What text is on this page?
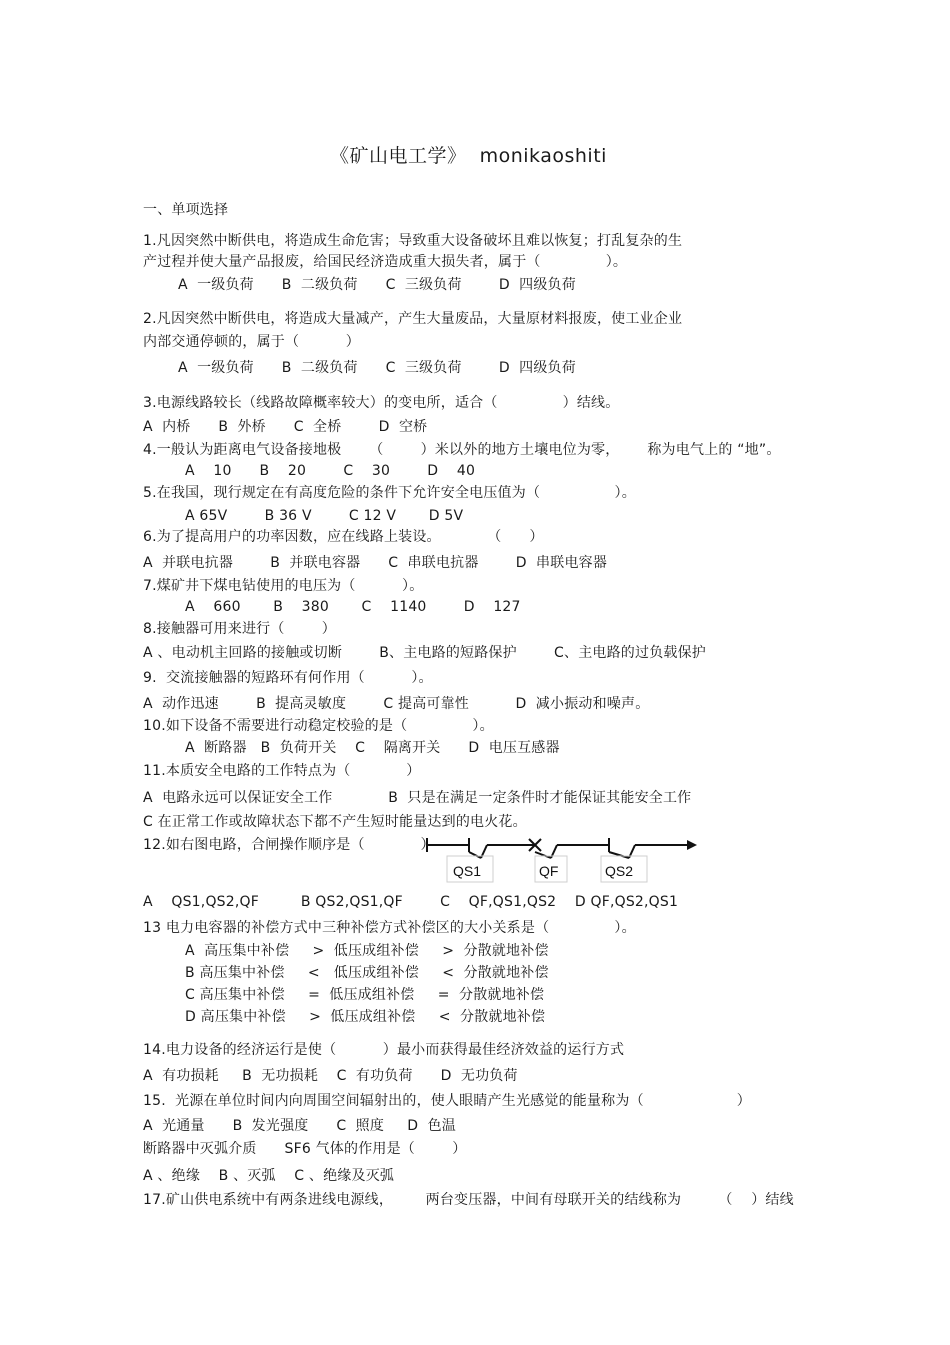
《矿山电工学》  monikaoshiti
一、单项选择
1.凡因突然中断供电，将造成生命危害；导致重大设备破坏且难以恢复；打乱复杂的生
产过程并使大量产品报废，给国民经济造成重大损失者，属于（              ）。
A  一级负荷      B  二级负荷      C  三级负荷        D  四级负荷
2.凡因突然中断供电，将造成大量减产，产生大量废品，大量原材料报废，使工业企业
内部交通停顿的，属于（          ）
A  一级负荷      B  二级负荷      C  三级负荷        D  四级负荷
3.电源线路较长（线路故障概率较大）的变电所，适合（              ）结线。
A  内桥      B  外桥      C  全桥        D  空桥
4.一般认为距离电气设备接地极      （        ）米以外的地方土壤电位为零，      称为电气上的 “地”。
A    10      B    20        C    30        D    40
5.在我国，现行规定在有高度危险的条件下允许安全电压值为（                ）。
A 65V        B 36 V        C 12 V       D 5V
6.为了提高用户的功率因数，应在线路上装设。          （      ）
A  并联电抗器        B  并联电容器      C  串联电抗器        D  串联电容器
7.煤矿井下煤电钻使用的电压为（          ）。
A    660       B    380       C    1140        D    127
8.接触器可用来进行（        ）
A 、电动机主回路的接触或切断        B、主电路的短路保护        C、主电路的过负载保护
9.  交流接触器的短路环有何作用（          ）。
A  动作迅速        B  提高灵敏度        C 提高可靠性          D  减小振动和噪声。
10.如下设备不需要进行动稳定校验的是（              ）。
A  断路器   B  负荷开关    C    隔离开关      D  电压互感器
11.本质安全电路的工作特点为（            ）
A  电路永远可以保证安全工作            B  只是在满足一定条件时才能保证其能安全工作
C 在正常工作或故障状态下都不产生短时能量达到的电火花。
12.如右图电路，合闸操作顺序是（            ）
QS1	QF	QS2
A    QS1,QS2,QF         B QS2,QS1,QF        C    QF,QS1,QS2    D QF,QS2,QS1
13 电力电容器的补偿方式中三种补偿方式补偿区的大小关系是（              ）。
A  高压集中补偿     >  低压成组补偿     >  分散就地补偿
B 高压集中补偿     <   低压成组补偿     <  分散就地补偿
C 高压集中补偿     =  低压成组补偿     =  分散就地补偿
D 高压集中补偿     >  低压成组补偿     <  分散就地补偿
14.电力设备的经济运行是使（          ）最小而获得最佳经济效益的运行方式
A  有功损耗     B  无功损耗    C  有功负荷      D  无功负荷
15.  光源在单位时间内向周围空间辐射出的，使人眼睛产生光感觉的能量称为（                    ）
A  光通量      B  发光强度      C  照度     D  色温
断路器中灭弧介质      SF6 气体的作用是（        ）
A 、绝缘    B 、灭弧    C 、绝缘及灭弧
17.矿山供电系统中有两条进线电源线，       两台变压器，中间有母联开关的结线称为        （    ）结线
